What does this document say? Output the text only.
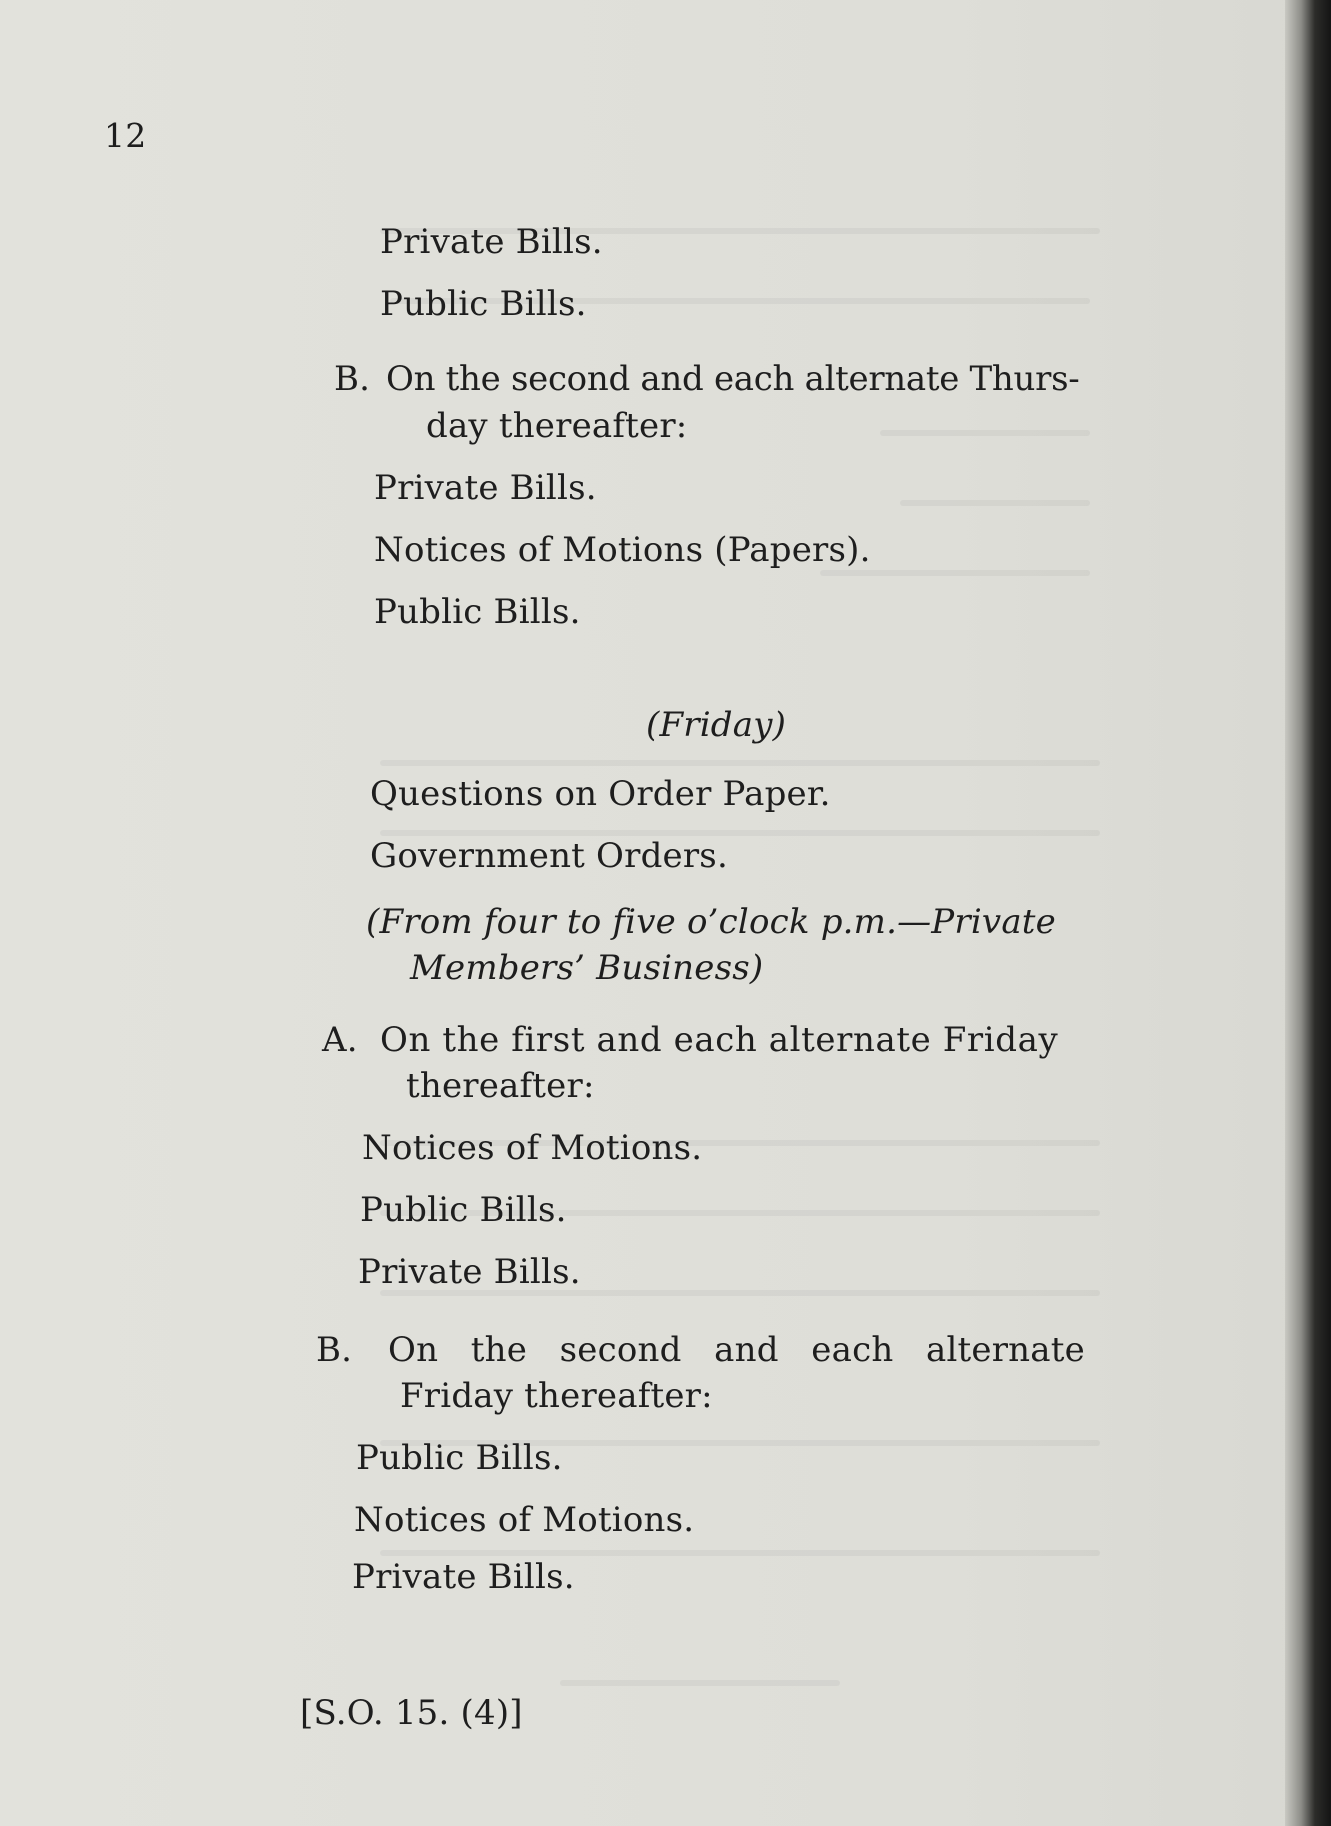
12
Private Bills.
Public Bills.
B. On the second and each alternate Thurs-
day thereafter:
Private Bills.
Notices of Motions (Papers).
Public Bills.
(Friday)
Questions on Order Paper.
Government Orders.
(From four to five o’clock p.m.—Private
Members’ Business)
A. On the first and each alternate Friday
thereafter:
Notices of Motions.
Public Bills.
Private Bills.
B. On the second and each alternate
Friday thereafter:
Public Bills.
Notices of Motions.
Private Bills.
[S.O. 15. (4)]
